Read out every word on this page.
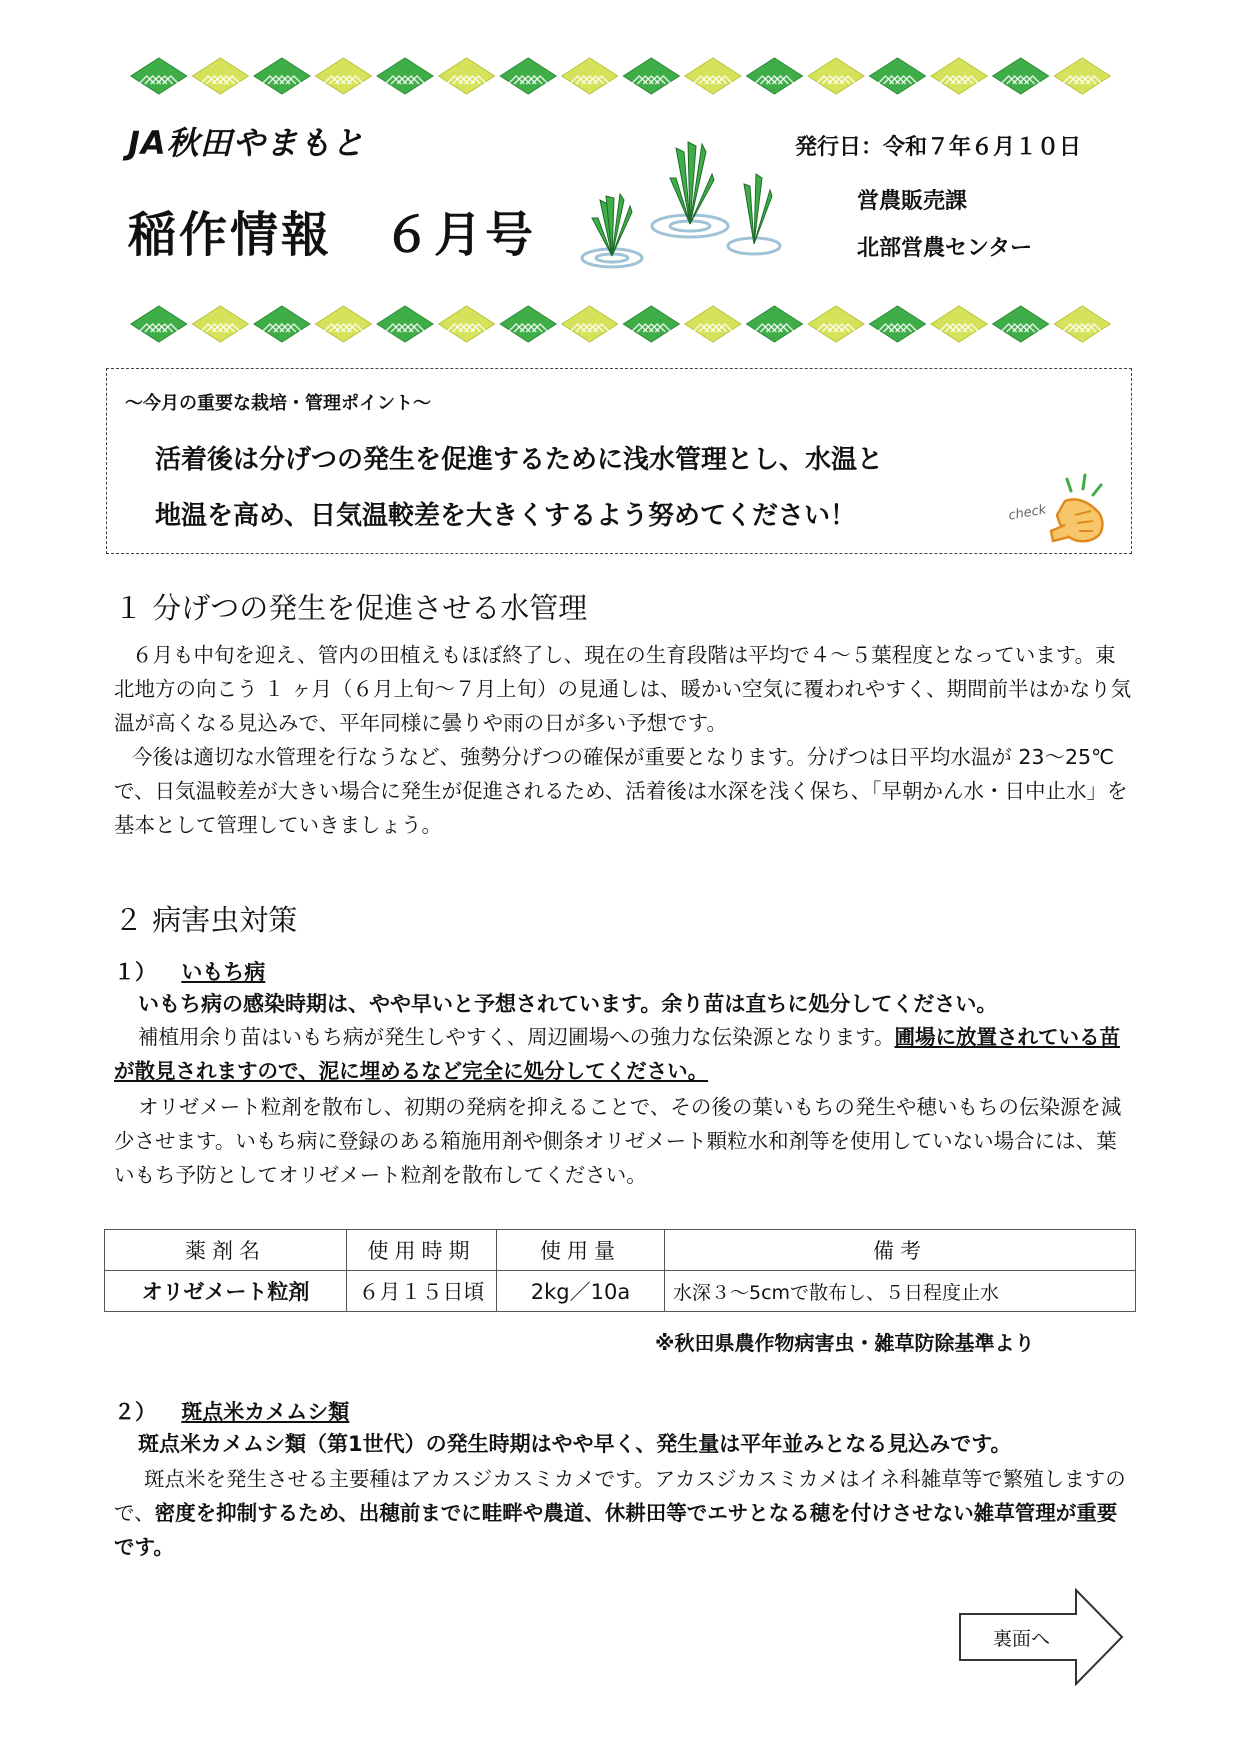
JA秋田やまもと
稲作情報　６月号
発行日：令和７年６月１０日
営農販売課
北部営農センター
～今月の重要な栽培・管理ポイント～
活着後は分げつの発生を促進するために浅水管理とし、水温と
地温を高め、日気温較差を大きくするよう努めてください！	check
１ 分げつの発生を促進させる水管理
６月も中旬を迎え、管内の田植えもほぼ終了し、現在の生育段階は平均で４～５葉程度となっています。東北地方の向こう １ ヶ月（６月上旬～７月上旬）の見通しは、暖かい空気に覆われやすく、期間前半はかなり気温が高くなる見込みで、平年同様に曇りや雨の日が多い予想です。
今後は適切な水管理を行なうなど、強勢分げつの確保が重要となります。分げつは日平均水温が 23～25℃で、日気温較差が大きい場合に発生が促進されるため、活着後は水深を浅く保ち、「早朝かん水・日中止水」を基本として管理していきましょう。
２ 病害虫対策
１） いもち病
いもち病の感染時期は、やや早いと予想されています。余り苗は直ちに処分してください。
補植用余り苗はいもち病が発生しやすく、周辺圃場への強力な伝染源となります。圃場に放置されている苗が散見されますので、泥に埋めるなど完全に処分してください。
オリゼメート粒剤を散布し、初期の発病を抑えることで、その後の葉いもちの発生や穂いもちの伝染源を減少させます。いもち病に登録のある箱施用剤や側条オリゼメート顆粒水和剤等を使用していない場合には、葉いもち予防としてオリゼメート粒剤を散布してください。
薬剤名	使用時期	使用量	備考
オリゼメート粒剤	６月１５日頃	2kg／10a	水深３～5cmで散布し、５日程度止水
※秋田県農作物病害虫・雑草防除基準より
２） 斑点米カメムシ類
斑点米カメムシ類（第1世代）の発生時期はやや早く、発生量は平年並みとなる見込みです。
斑点米を発生させる主要種はアカスジカスミカメです。アカスジカスミカメはイネ科雑草等で繁殖しますので、密度を抑制するため、出穂前までに畦畔や農道、休耕田等でエサとなる穂を付けさせない雑草管理が重要です。
裏面へ
